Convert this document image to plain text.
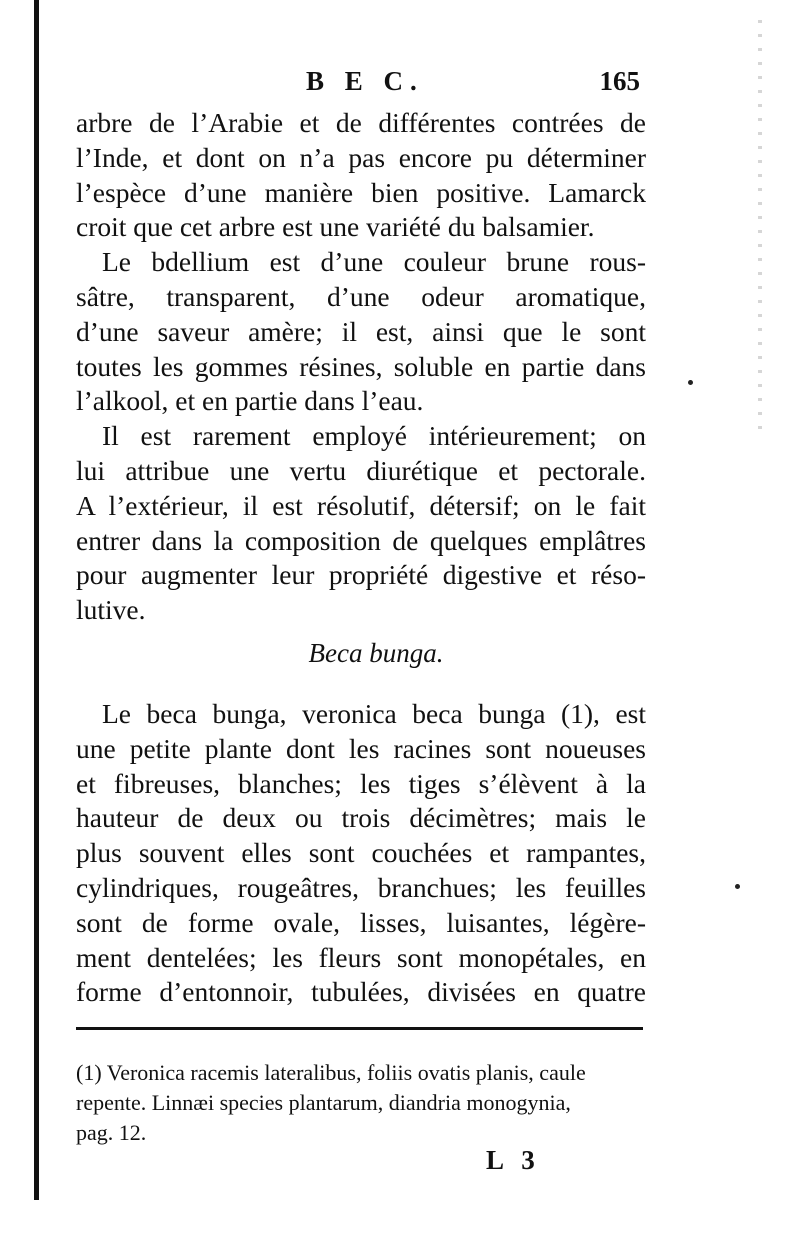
B E C.	165

arbre de l’Arabie et de différentes contrées de
l’Inde, et dont on n’a pas encore pu déterminer
l’espèce d’une manière bien positive. Lamarck
croit que cet arbre est une variété du balsamier.

Le bdellium est d’une couleur brune rous-
sâtre, transparent, d’une odeur aromatique,
d’une saveur amère; il est, ainsi que le sont
toutes les gommes résines, soluble en partie dans
l’alkool, et en partie dans l’eau.

Il est rarement employé intérieurement; on
lui attribue une vertu diurétique et pectorale.
A l’extérieur, il est résolutif, détersif; on le fait
entrer dans la composition de quelques emplâtres
pour augmenter leur propriété digestive et réso-
lutive.

Beca bunga.

Le beca bunga, veronica beca bunga (1), est
une petite plante dont les racines sont noueuses
et fibreuses, blanches; les tiges s’élèvent à la
hauteur de deux ou trois décimètres; mais le
plus souvent elles sont couchées et rampantes,
cylindriques, rougeâtres, branchues; les feuilles
sont de forme ovale, lisses, luisantes, légère-
ment dentelées; les fleurs sont monopétales, en
forme d’entonnoir, tubulées, divisées en quatre

(1) Veronica racemis lateralibus, foliis ovatis planis, caule
repente. Linnæi species plantarum, diandria monogynia,
pag. 12.
L 3
